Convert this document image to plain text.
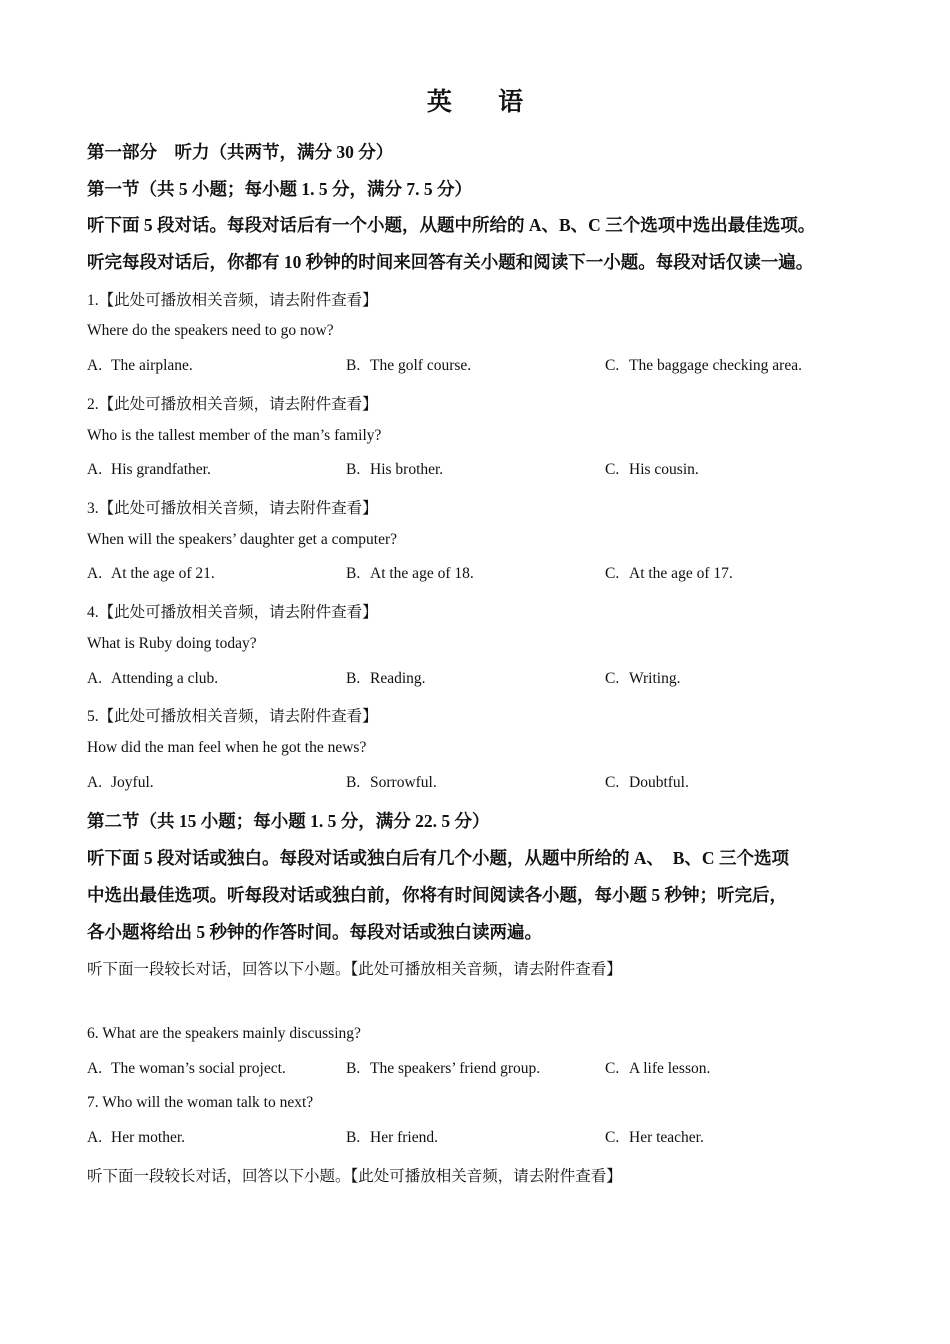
英 语
第一部分　听力（共两节，满分 30 分）
第一节（共 5 小题；每小题 1. 5 分，满分 7. 5 分）
听下面 5 段对话。每段对话后有一个小题，从题中所给的 A、B、C 三个选项中选出最佳选项。
听完每段对话后，你都有 10 秒钟的时间来回答有关小题和阅读下一小题。每段对话仅读一遍。
1.【此处可播放相关音频，请去附件查看】
Where do the speakers need to go now?
A. The airplane.	B. The golf course.	C. The baggage checking area.
2.【此处可播放相关音频，请去附件查看】
Who is the tallest member of the man’s family?
A. His grandfather.	B. His brother.	C. His cousin.
3.【此处可播放相关音频，请去附件查看】
When will the speakers’ daughter get a computer?
A. At the age of 21.	B. At the age of 18.	C. At the age of 17.
4.【此处可播放相关音频，请去附件查看】
What is Ruby doing today?
A. Attending a club.	B. Reading.	C. Writing.
5.【此处可播放相关音频，请去附件查看】
How did the man feel when he got the news?
A. Joyful.	B. Sorrowful.	C. Doubtful.
第二节（共 15 小题；每小题 1. 5 分，满分 22. 5 分）
听下面 5 段对话或独白。每段对话或独白后有几个小题，从题中所给的 A、　B、C 三个选项
中选出最佳选项。听每段对话或独白前，你将有时间阅读各小题，每小题 5 秒钟；听完后，
各小题将给出 5 秒钟的作答时间。每段对话或独白读两遍。
听下面一段较长对话，回答以下小题。【此处可播放相关音频，请去附件查看】
6. What are the speakers mainly discussing?
A. The woman’s social project.	B. The speakers’ friend group.	C. A life lesson.
7. Who will the woman talk to next?
A. Her mother.	B. Her friend.	C. Her teacher.
听下面一段较长对话，回答以下小题。【此处可播放相关音频，请去附件查看】
